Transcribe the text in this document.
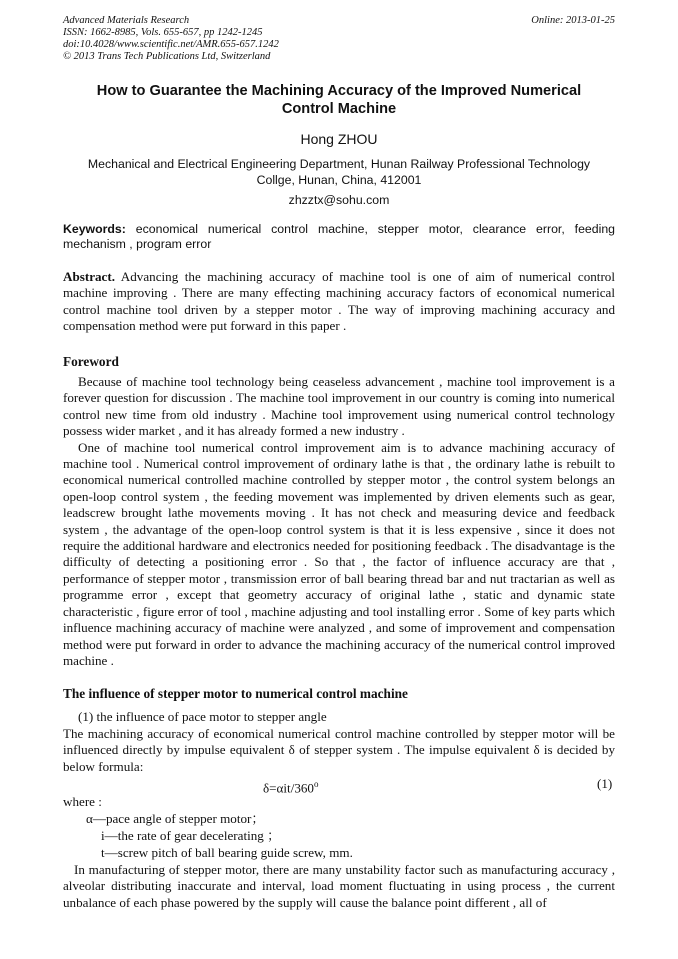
Advanced Materials Research
ISSN: 1662-8985, Vols. 655-657, pp 1242-1245
doi:10.4028/www.scientific.net/AMR.655-657.1242
© 2013 Trans Tech Publications Ltd, Switzerland
Online: 2013-01-25
How to Guarantee the Machining Accuracy of the Improved Numerical
Control Machine
Hong ZHOU
Mechanical and Electrical Engineering Department, Hunan Railway Professional Technology
Collge, Hunan, China, 412001
zhzztx@sohu.com
Keywords: economical numerical control machine, stepper motor, clearance error, feeding mechanism , program error
Abstract. Advancing the machining accuracy of machine tool is one of aim of numerical control machine improving . There are many effecting machining accuracy factors of economical numerical control machine tool driven by a stepper motor . The way of improving machining accuracy and compensation method were put forward in this paper .
Foreword

Because of machine tool technology being ceaseless advancement , machine tool improvement is a forever question for discussion . The machine tool improvement in our country is coming into numerical control new time from old industry . Machine tool improvement using numerical control technology possess wider market , and it has already formed a new industry .

One of machine tool numerical control improvement aim is to advance machining accuracy of machine tool . Numerical control improvement of ordinary lathe is that , the ordinary lathe is rebuilt to economical numerical controlled machine controlled by stepper motor , the control system belongs an open-loop control system , the feeding movement was implemented by driven elements such as gear, leadscrew brought lathe movements moving . It has not check and measuring device and feedback system , the advantage of the open-loop control system is that it is less expensive , since it does not require the additional hardware and electronics needed for positioning feedback . The disadvantage is the difficulty of detecting a positioning error . So that , the factor of influence accuracy are that , performance of stepper motor , transmission error of ball bearing thread bar and nut tractarian as well as programme error , except that geometry accuracy of original lathe , static and dynamic state characteristic , figure error of tool , machine adjusting and tool installing error . Some of key parts which influence machining accuracy of machine were analyzed , and some of improvement and compensation method were put forward in order to advance the machining accuracy of the numerical control improved machine .

The influence of stepper motor to numerical control machine
(1) the influence of pace motor to stepper angle
The machining accuracy of economical numerical control machine controlled by stepper motor will be influenced directly by impulse equivalent δ of stepper system . The impulse equivalent δ is decided by below formula:
$\delta=\alpha it/360^o$	(1)
where :
α—pace angle of stepper motor；
i—the rate of gear decelerating ；
t—screw pitch of ball bearing guide screw, mm.
In manufacturing of stepper motor, there are many unstability factor such as manufacturing accuracy , alveolar distributing inaccurate and interval, load moment fluctuating in using process , the current unbalance of each phase powered by the supply will cause the balance point different , all of
